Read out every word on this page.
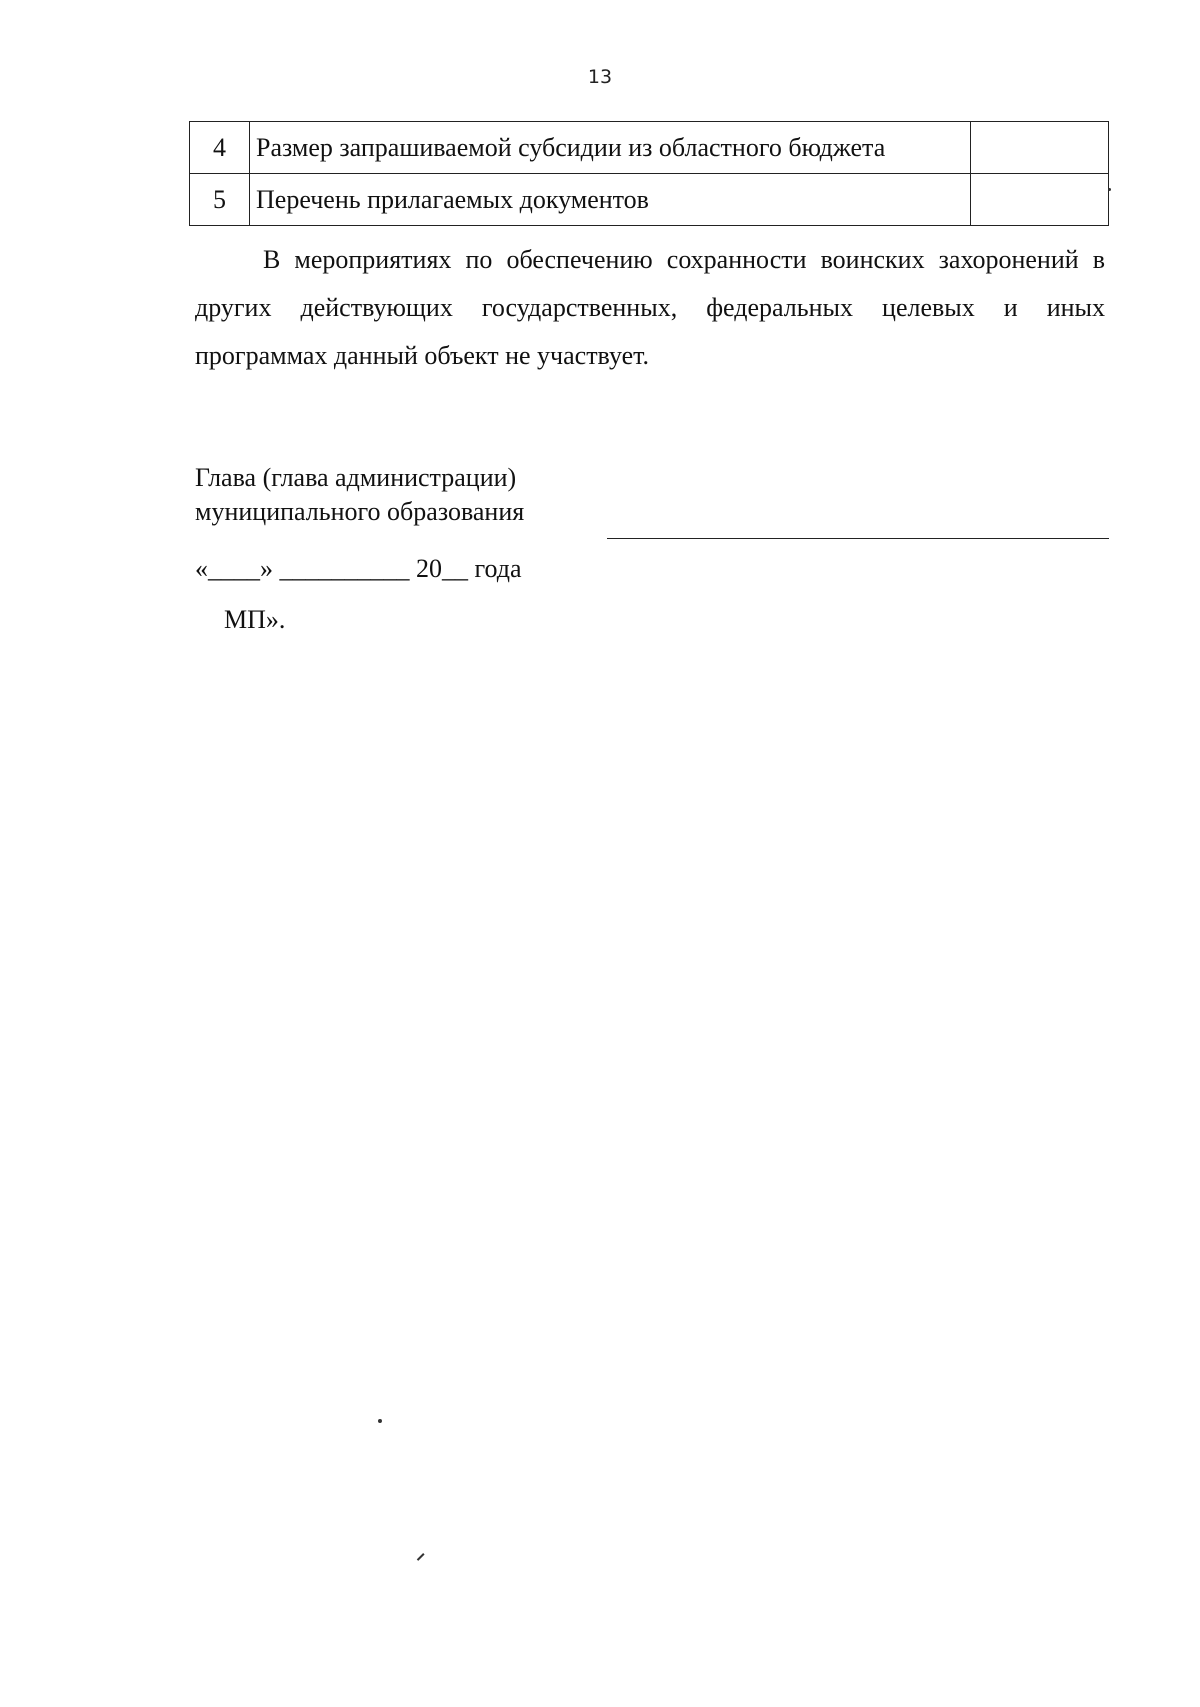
13
4	Размер запрашиваемой субсидии из областного бюджета	
5	Перечень прилагаемых документов	

В мероприятиях по обеспечению сохранности воинских захоронений в других действующих государственных, федеральных целевых и иных программах данный объект не участвует.

Глава (глава администрации)
муниципального образования
«____» __________ 20__ года
МП».
